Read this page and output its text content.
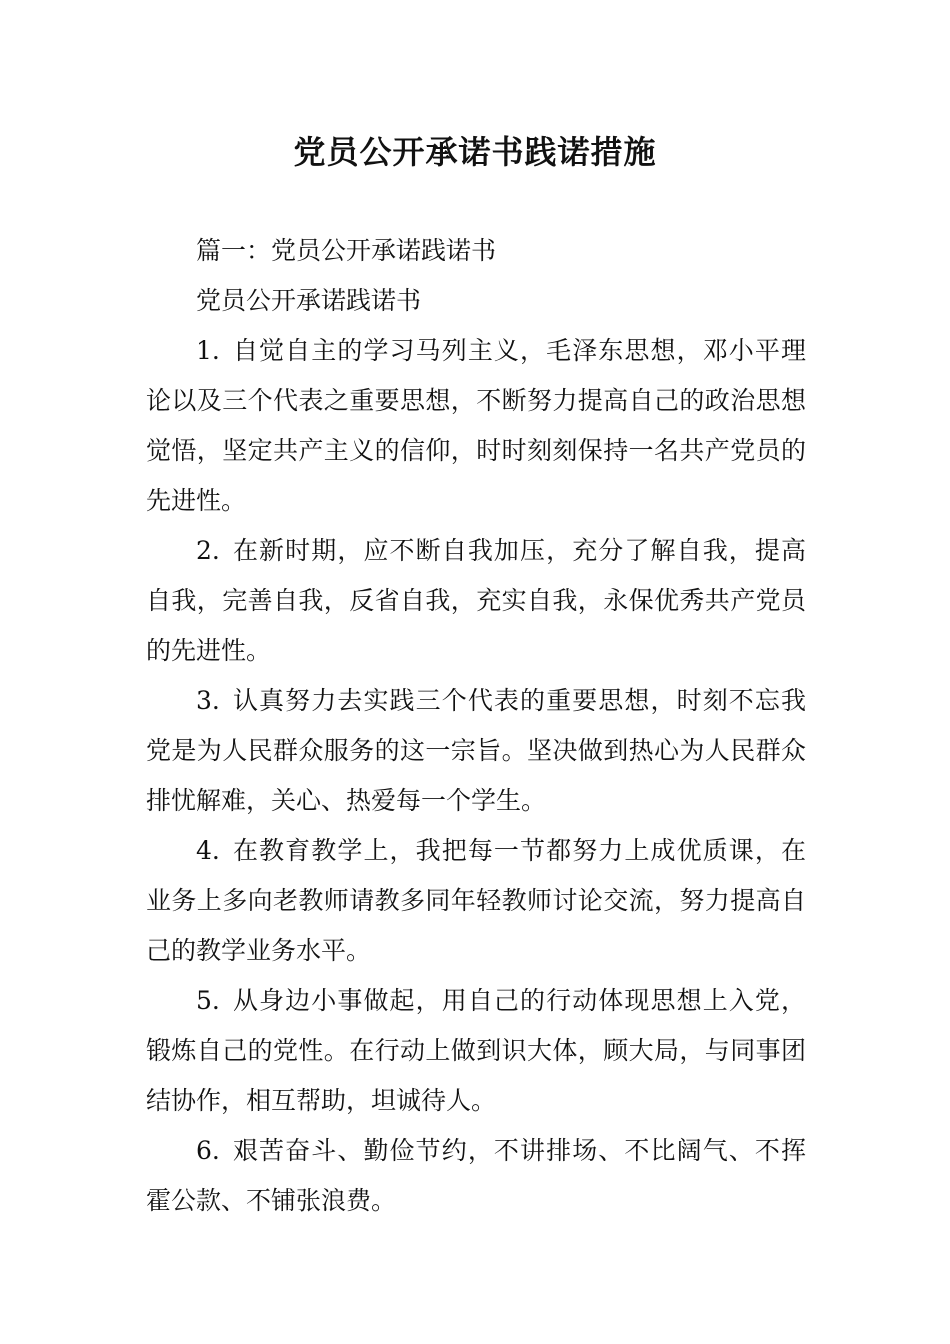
党员公开承诺书践诺措施

篇一：党员公开承诺践诺书

党员公开承诺践诺书

1. 自觉自主的学习马列主义，毛泽东思想，邓小平理论以及三个代表之重要思想，不断努力提高自己的政治思想觉悟，坚定共产主义的信仰，时时刻刻保持一名共产党员的先进性。

2. 在新时期，应不断自我加压，充分了解自我，提高自我，完善自我，反省自我，充实自我，永保优秀共产党员的先进性。

3. 认真努力去实践三个代表的重要思想，时刻不忘我党是为人民群众服务的这一宗旨。坚决做到热心为人民群众排忧解难，关心、热爱每一个学生。

4. 在教育教学上，我把每一节都努力上成优质课，在业务上多向老教师请教多同年轻教师讨论交流，努力提高自己的教学业务水平。

5. 从身边小事做起，用自己的行动体现思想上入党，锻炼自己的党性。在行动上做到识大体，顾大局，与同事团结协作，相互帮助，坦诚待人。

6. 艰苦奋斗、勤俭节约，不讲排场、不比阔气、不挥霍公款、不铺张浪费。
